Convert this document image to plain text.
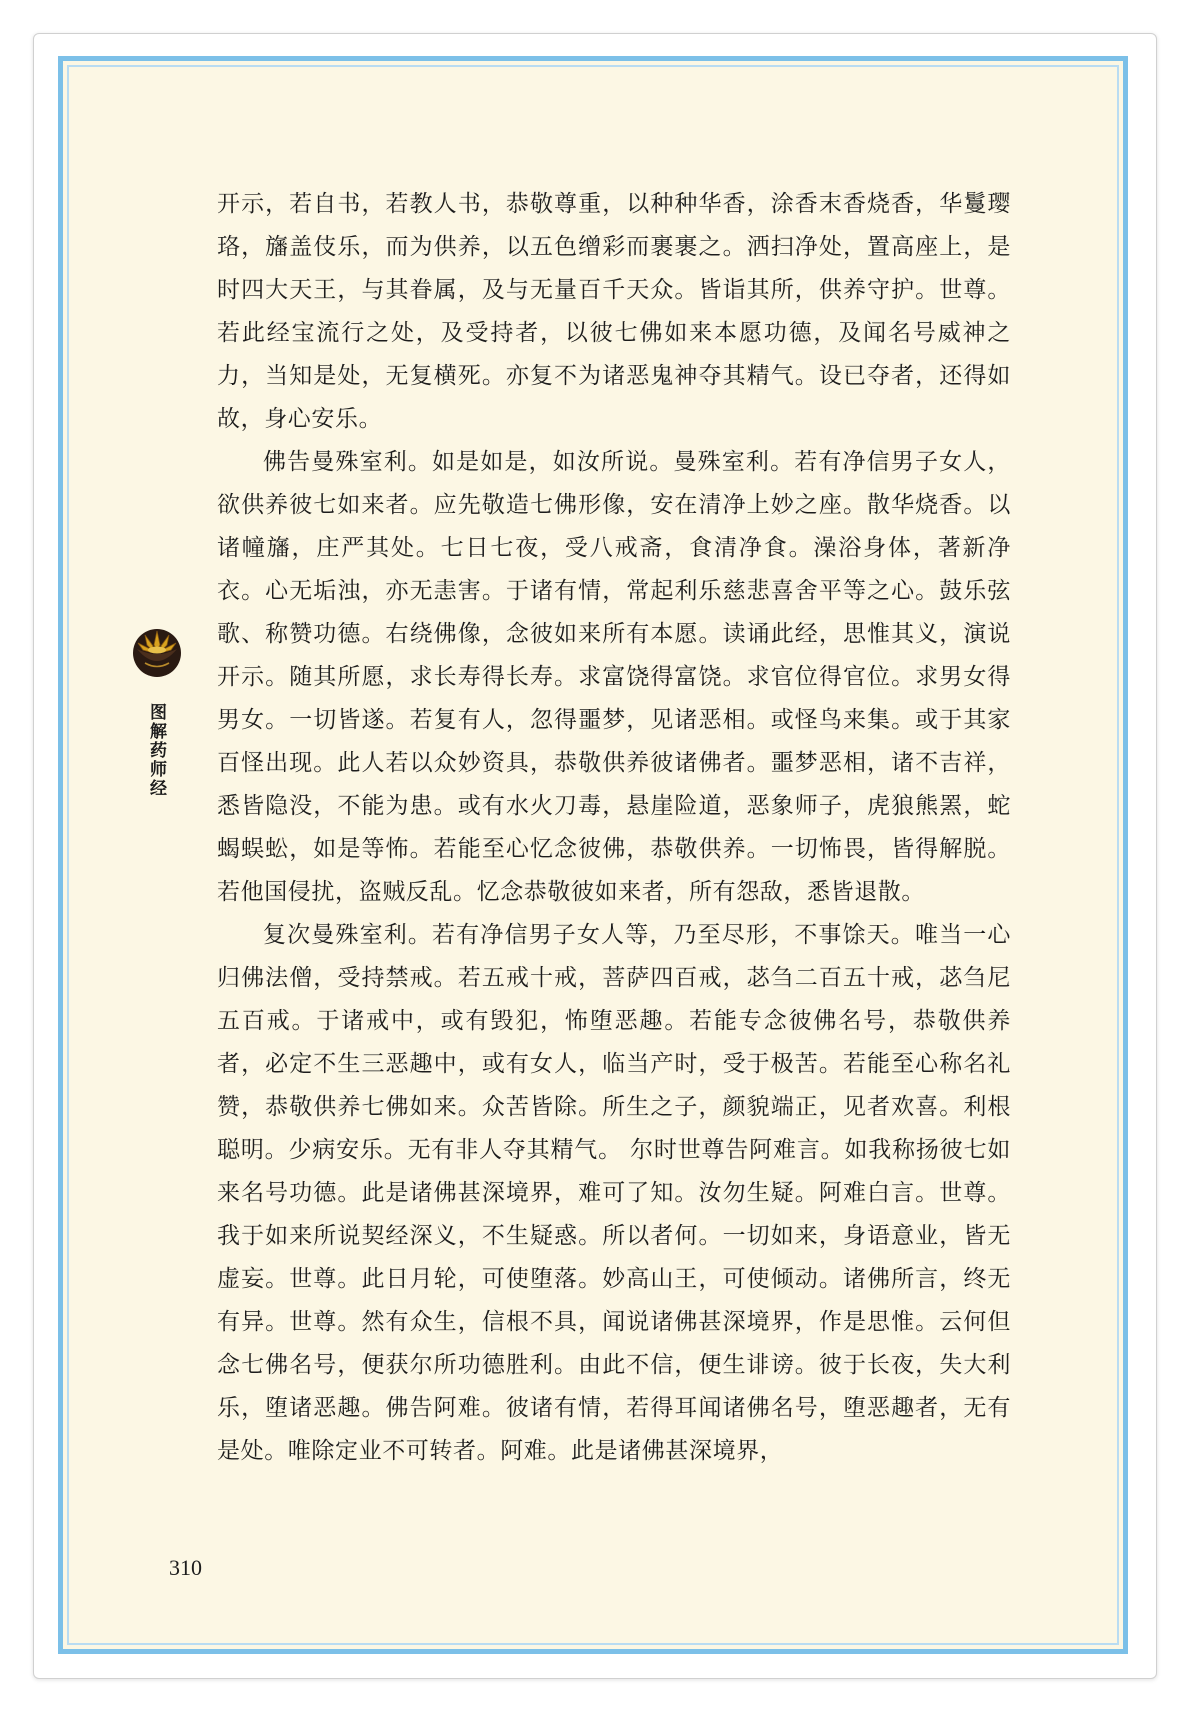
开示，若自书，若教人书，恭敬尊重，以种种华香，涂香末香烧香，华鬘璎珞，旛盖伎乐，而为供养，以五色缯彩而裹裹之。洒扫净处，置高座上，是时四大天王，与其眷属，及与无量百千天众。皆诣其所，供养守护。世尊。若此经宝流行之处，及受持者，以彼七佛如来本愿功德，及闻名号威神之力，当知是处，无复横死。亦复不为诸恶鬼神夺其精气。设已夺者，还得如故，身心安乐。

佛告曼殊室利。如是如是，如汝所说。曼殊室利。若有净信男子女人，欲供养彼七如来者。应先敬造七佛形像，安在清净上妙之座。散华烧香。以诸幢旛，庄严其处。七日七夜，受八戒斋，食清净食。澡浴身体，著新净衣。心无垢浊，亦无恚害。于诸有情，常起利乐慈悲喜舍平等之心。鼓乐弦歌、称赞功德。右绕佛像，念彼如来所有本愿。读诵此经，思惟其义，演说开示。随其所愿，求长寿得长寿。求富饶得富饶。求官位得官位。求男女得男女。一切皆遂。若复有人，忽得噩梦，见诸恶相。或怪鸟来集。或于其家百怪出现。此人若以众妙资具，恭敬供养彼诸佛者。噩梦恶相，诸不吉祥，悉皆隐没，不能为患。或有水火刀毒，悬崖险道，恶象师子，虎狼熊罴，蛇蝎蜈蚣，如是等怖。若能至心忆念彼佛，恭敬供养。一切怖畏，皆得解脱。若他国侵扰，盗贼反乱。忆念恭敬彼如来者，所有怨敌，悉皆退散。

复次曼殊室利。若有净信男子女人等，乃至尽形，不事馀天。唯当一心归佛法僧，受持禁戒。若五戒十戒，菩萨四百戒，苾刍二百五十戒，苾刍尼五百戒。于诸戒中，或有毁犯，怖堕恶趣。若能专念彼佛名号，恭敬供养者，必定不生三恶趣中，或有女人，临当产时，受于极苦。若能至心称名礼赞，恭敬供养七佛如来。众苦皆除。所生之子，颜貌端正，见者欢喜。利根聪明。少病安乐。无有非人夺其精气。 尔时世尊告阿难言。如我称扬彼七如来名号功德。此是诸佛甚深境界，难可了知。汝勿生疑。阿难白言。世尊。我于如来所说契经深义，不生疑惑。所以者何。一切如来，身语意业，皆无虚妄。世尊。此日月轮，可使堕落。妙高山王，可使倾动。诸佛所言，终无有异。世尊。然有众生，信根不具，闻说诸佛甚深境界，作是思惟。云何但念七佛名号，便获尔所功德胜利。由此不信，便生诽谤。彼于长夜，失大利乐，堕诸恶趣。佛告阿难。彼诸有情，若得耳闻诸佛名号，堕恶趣者，无有是处。唯除定业不可转者。阿难。此是诸佛甚深境界，

图解药师经
310
